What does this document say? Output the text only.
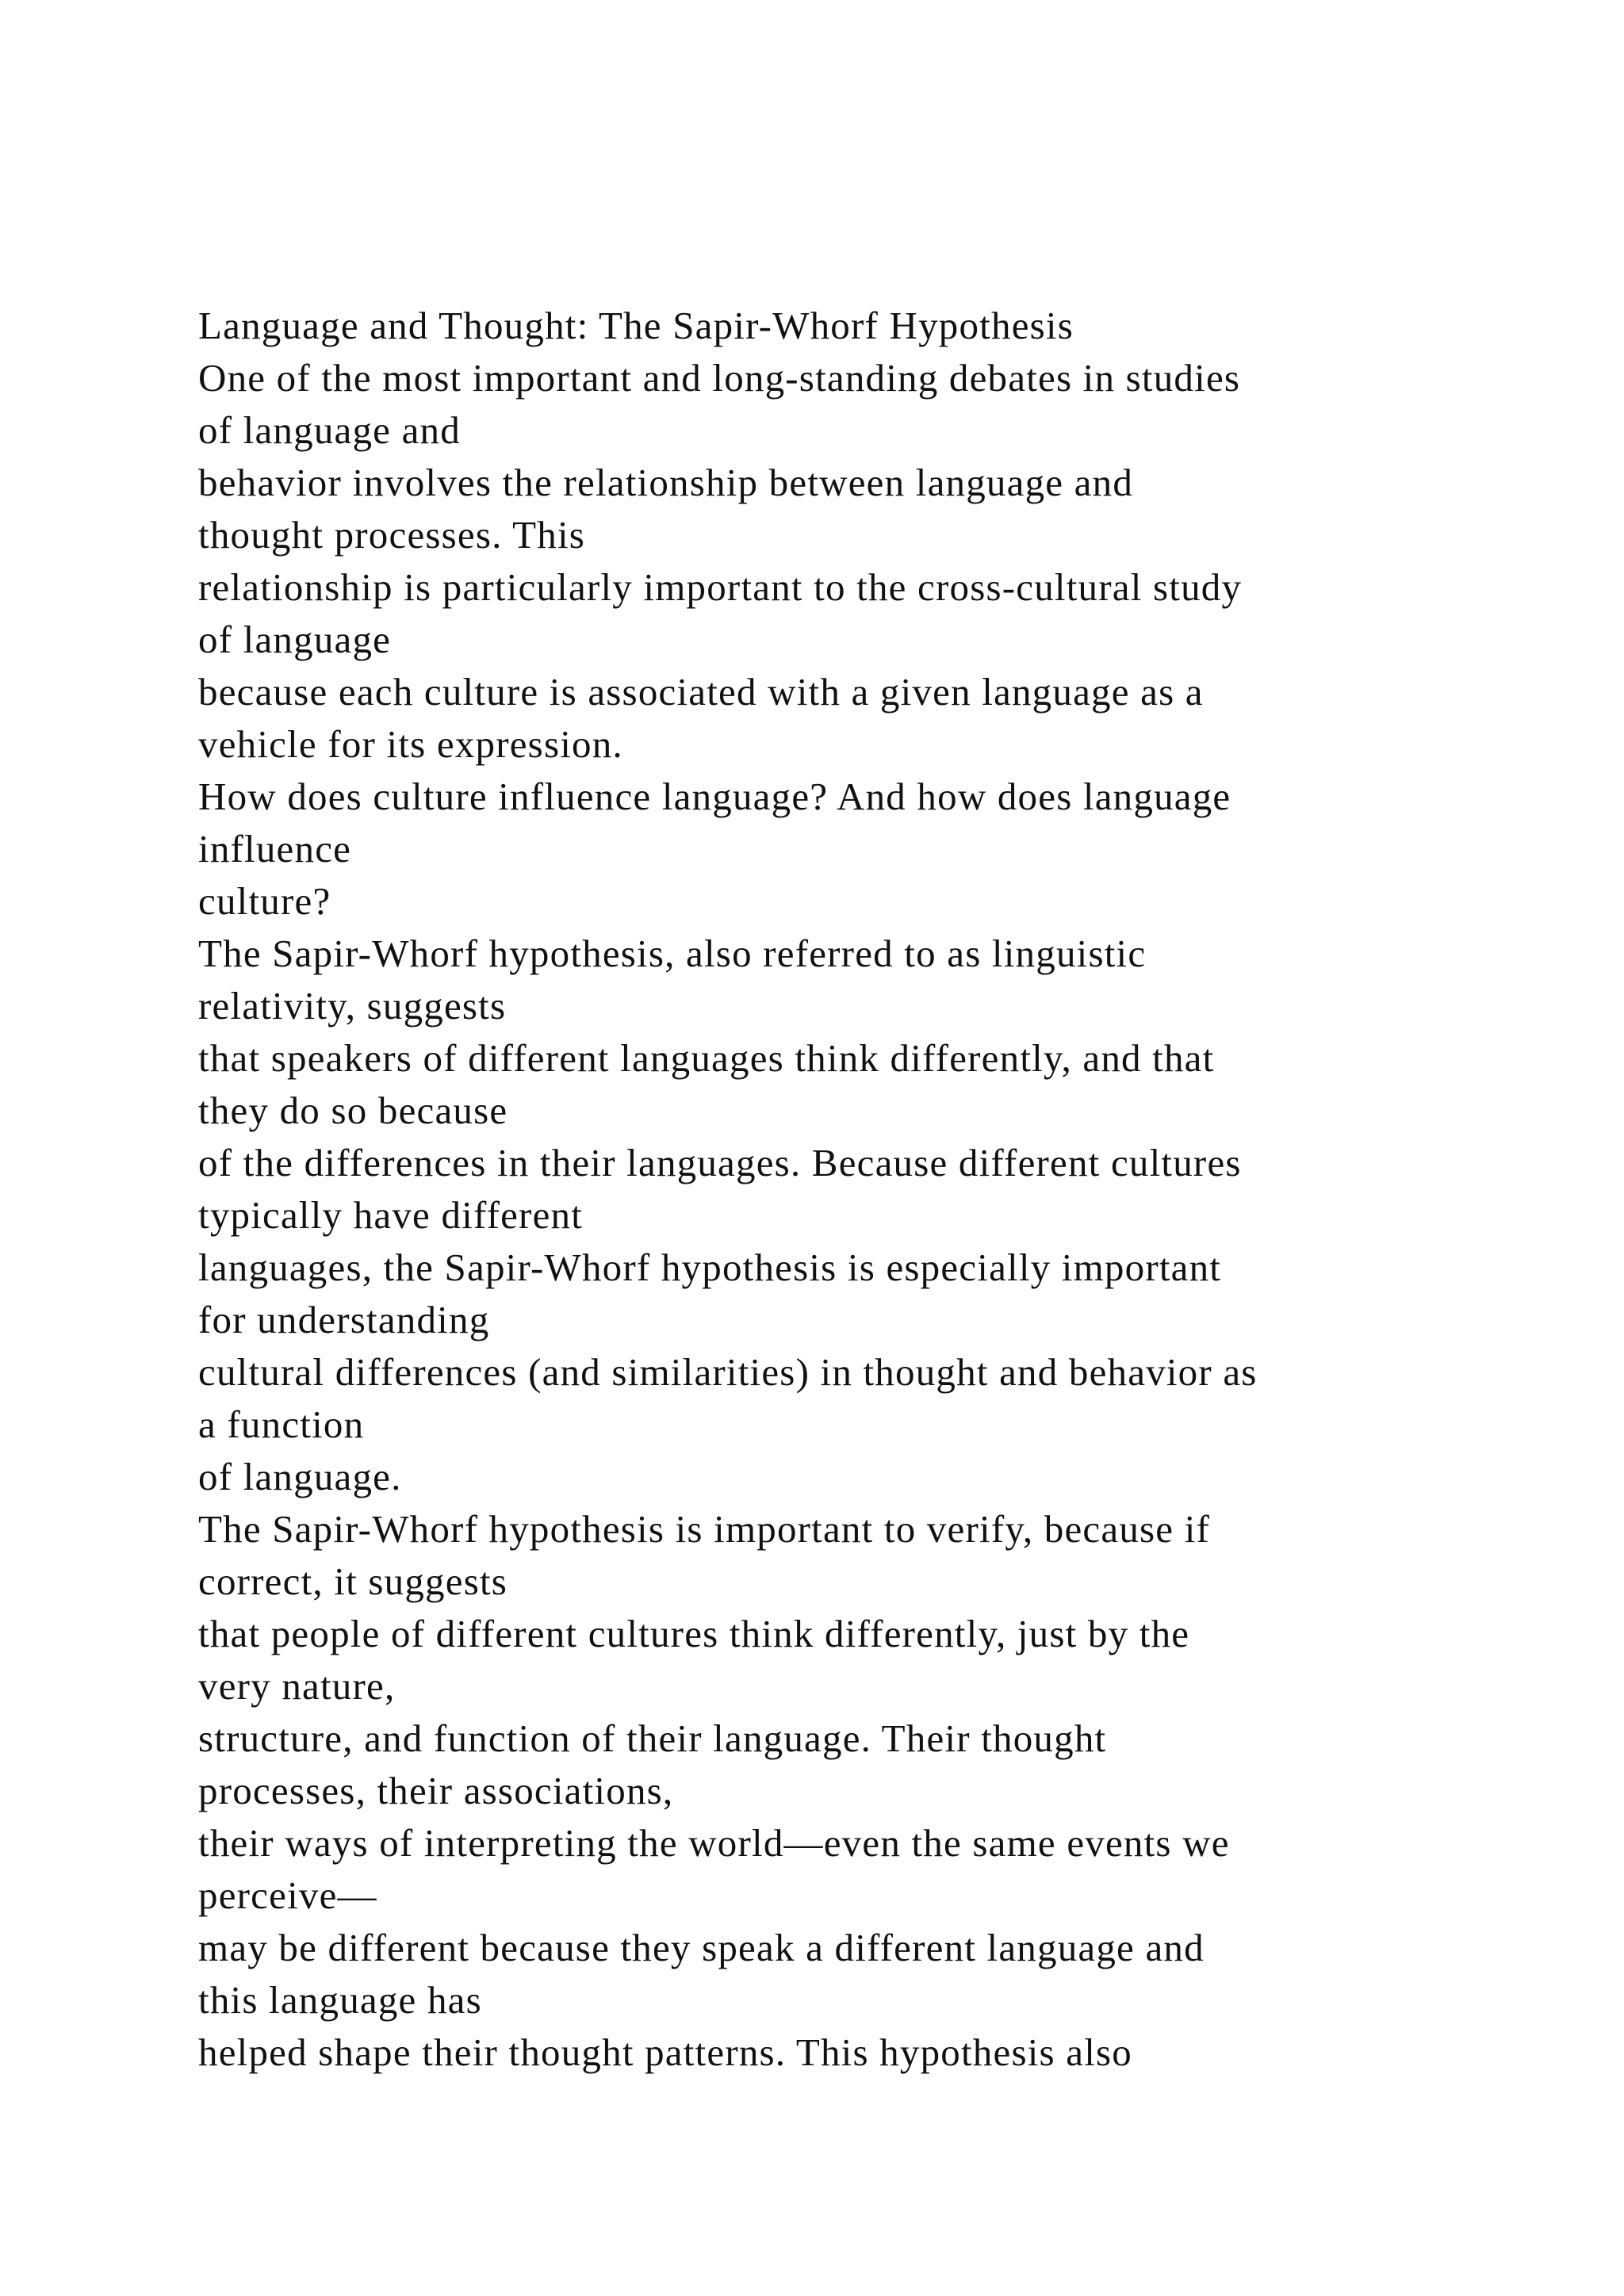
Language and Thought: The Sapir-Whorf Hypothesis
One of the most important and long-standing debates in studies
of language and
behavior involves the relationship between language and
thought processes. This
relationship is particularly important to the cross-cultural study
of language
because each culture is associated with a given language as a
vehicle for its expression.
How does culture influence language? And how does language
influence
culture?
The Sapir-Whorf hypothesis, also referred to as linguistic
relativity, suggests
that speakers of different languages think differently, and that
they do so because
of the differences in their languages. Because different cultures
typically have different
languages, the Sapir-Whorf hypothesis is especially important
for understanding
cultural differences (and similarities) in thought and behavior as
a function
of language.
The Sapir-Whorf hypothesis is important to verify, because if
correct, it suggests
that people of different cultures think differently, just by the
very nature,
structure, and function of their language. Their thought
processes, their associations,
their ways of interpreting the world—even the same events we
perceive—
may be different because they speak a different language and
this language has
helped shape their thought patterns. This hypothesis also
